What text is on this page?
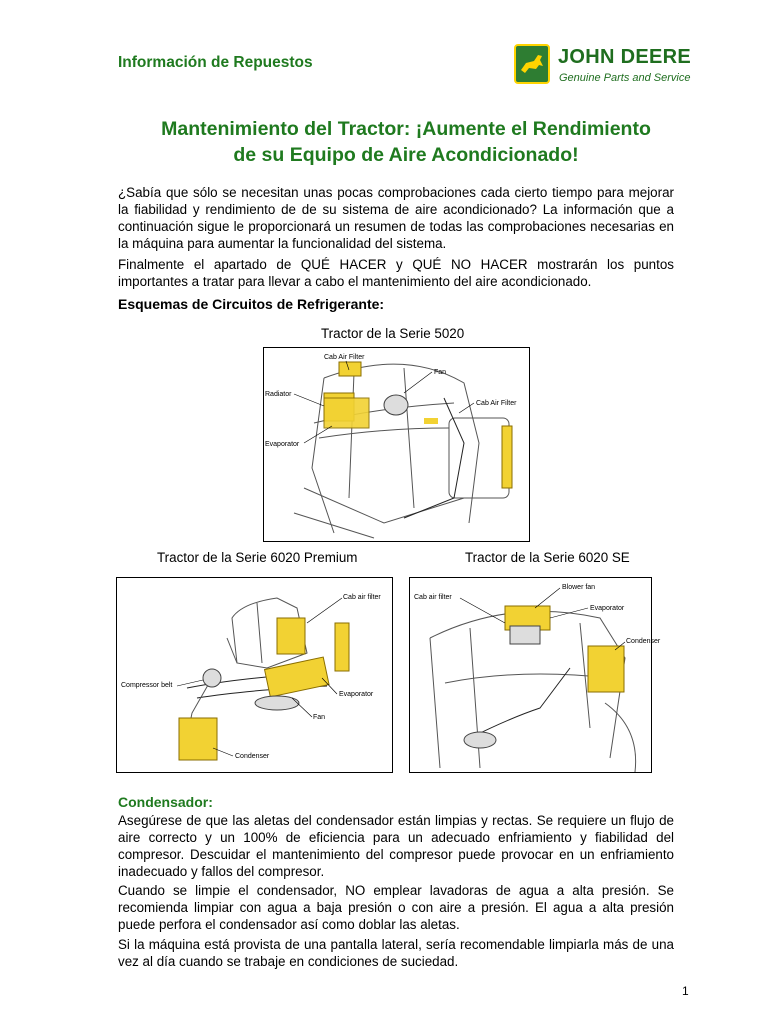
Información de Repuestos	JOHN DEERE
Genuine Parts and Service
Mantenimiento del Tractor: ¡Aumente el Rendimiento
de su Equipo de Aire Acondicionado!
¿Sabía que sólo se necesitan unas pocas comprobaciones cada cierto tiempo para mejorar la fiabilidad y rendimiento de de su sistema de aire acondicionado? La información que a continuación sigue le proporcionará un resumen de todas las comprobaciones necesarias en la máquina para aumentar la funcionalidad del sistema.
Finalmente el apartado de QUÉ HACER y QUÉ NO HACER mostrarán los puntos importantes a tratar para llevar a cabo el mantenimiento del aire acondicionado.
Esquemas de Circuitos de Refrigerante:
Tractor de la Serie 5020
Cab Air Filter
Fan
Radiator
Cab Air Filter
Evaporator
Tractor de la Serie 6020 Premium	Tractor de la Serie 6020 SE
Cab air filter
Compressor belt
Evaporator
Fan
Condenser
Blower fan
Cab air filter
Evaporator
Condenser
Condensador:
Asegúrese de que las aletas del condensador están limpias y rectas. Se requiere un flujo de aire correcto y un 100% de eficiencia para un adecuado enfriamiento y fiabilidad del compresor. Descuidar el mantenimiento del compresor puede provocar en un enfriamiento inadecuado y fallos del compresor.
Cuando se limpie el condensador, NO emplear lavadoras de agua a alta presión. Se recomienda limpiar con agua a baja presión o con aire a presión. El agua a alta presión puede perfora el condensador así como doblar las aletas.
Si la máquina está provista de una pantalla lateral, sería recomendable limpiarla más de una vez al día cuando se trabaje en condiciones de suciedad.
1
